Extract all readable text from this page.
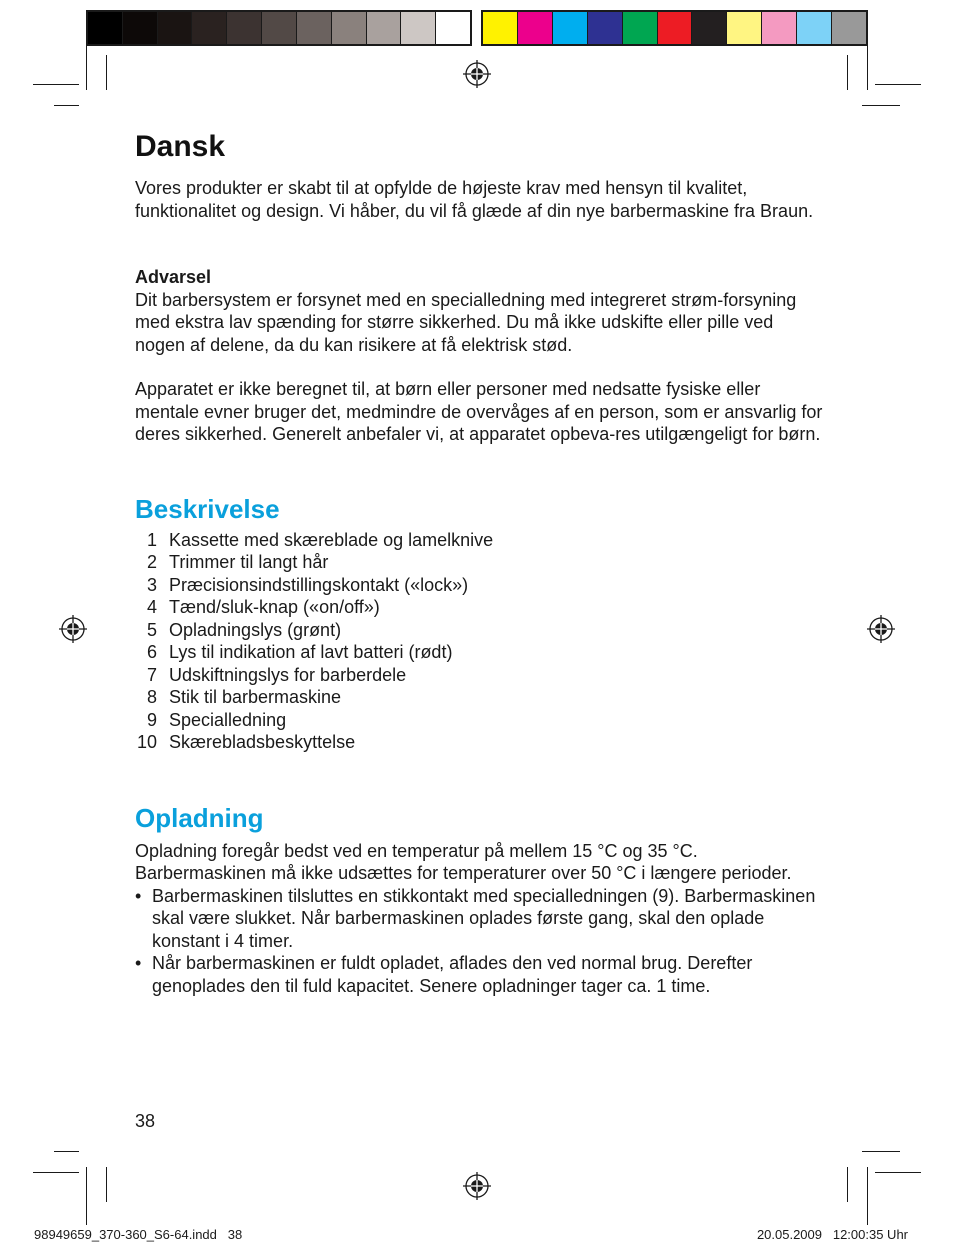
Dansk

Vores produkter er skabt til at opfylde de højeste krav med hensyn til kvalitet, funktionalitet og design. Vi håber, du vil få glæde af din nye barbermaskine fra Braun.

Advarsel

Dit barbersystem er forsynet med en specialledning med integreret strøm-forsyning med ekstra lav spænding for større sikkerhed. Du må ikke udskifte eller pille ved nogen af delene, da du kan risikere at få elektrisk stød.

Apparatet er ikke beregnet til, at børn eller personer med nedsatte fysiske eller mentale evner bruger det, medmindre de overvåges af en person, som er ansvarlig for deres sikkerhed. Generelt anbefaler vi, at apparatet opbeva-res utilgængeligt for børn.

Beskrivelse
1 Kassette med skæreblade og lamelknive
2 Trimmer til langt hår
3 Præcisionsindstillingskontakt («lock»)
4 Tænd/sluk-knap («on/off»)
5 Opladningslys (grønt)
6 Lys til indikation af lavt batteri (rødt)
7 Udskiftningslys for barberdele
8 Stik til barbermaskine
9 Specialledning
10 Skærebladsbeskyttelse
Opladning

Opladning foregår bedst ved en temperatur på mellem 15 °C og 35 °C. Barbermaskinen må ikke udsættes for temperaturer over 50 °C i længere perioder.

• Barbermaskinen tilsluttes en stikkontakt med specialledningen (9). Barbermaskinen skal være slukket. Når barbermaskinen oplades første gang, skal den oplade konstant i 4 timer.
• Når barbermaskinen er fuldt opladet, aflades den ved normal brug. Derefter genoplades den til fuld kapacitet. Senere opladninger tager ca. 1 time.
38
98949659_370-360_S6-64.indd   38	20.05.2009   12:00:35 Uhr
